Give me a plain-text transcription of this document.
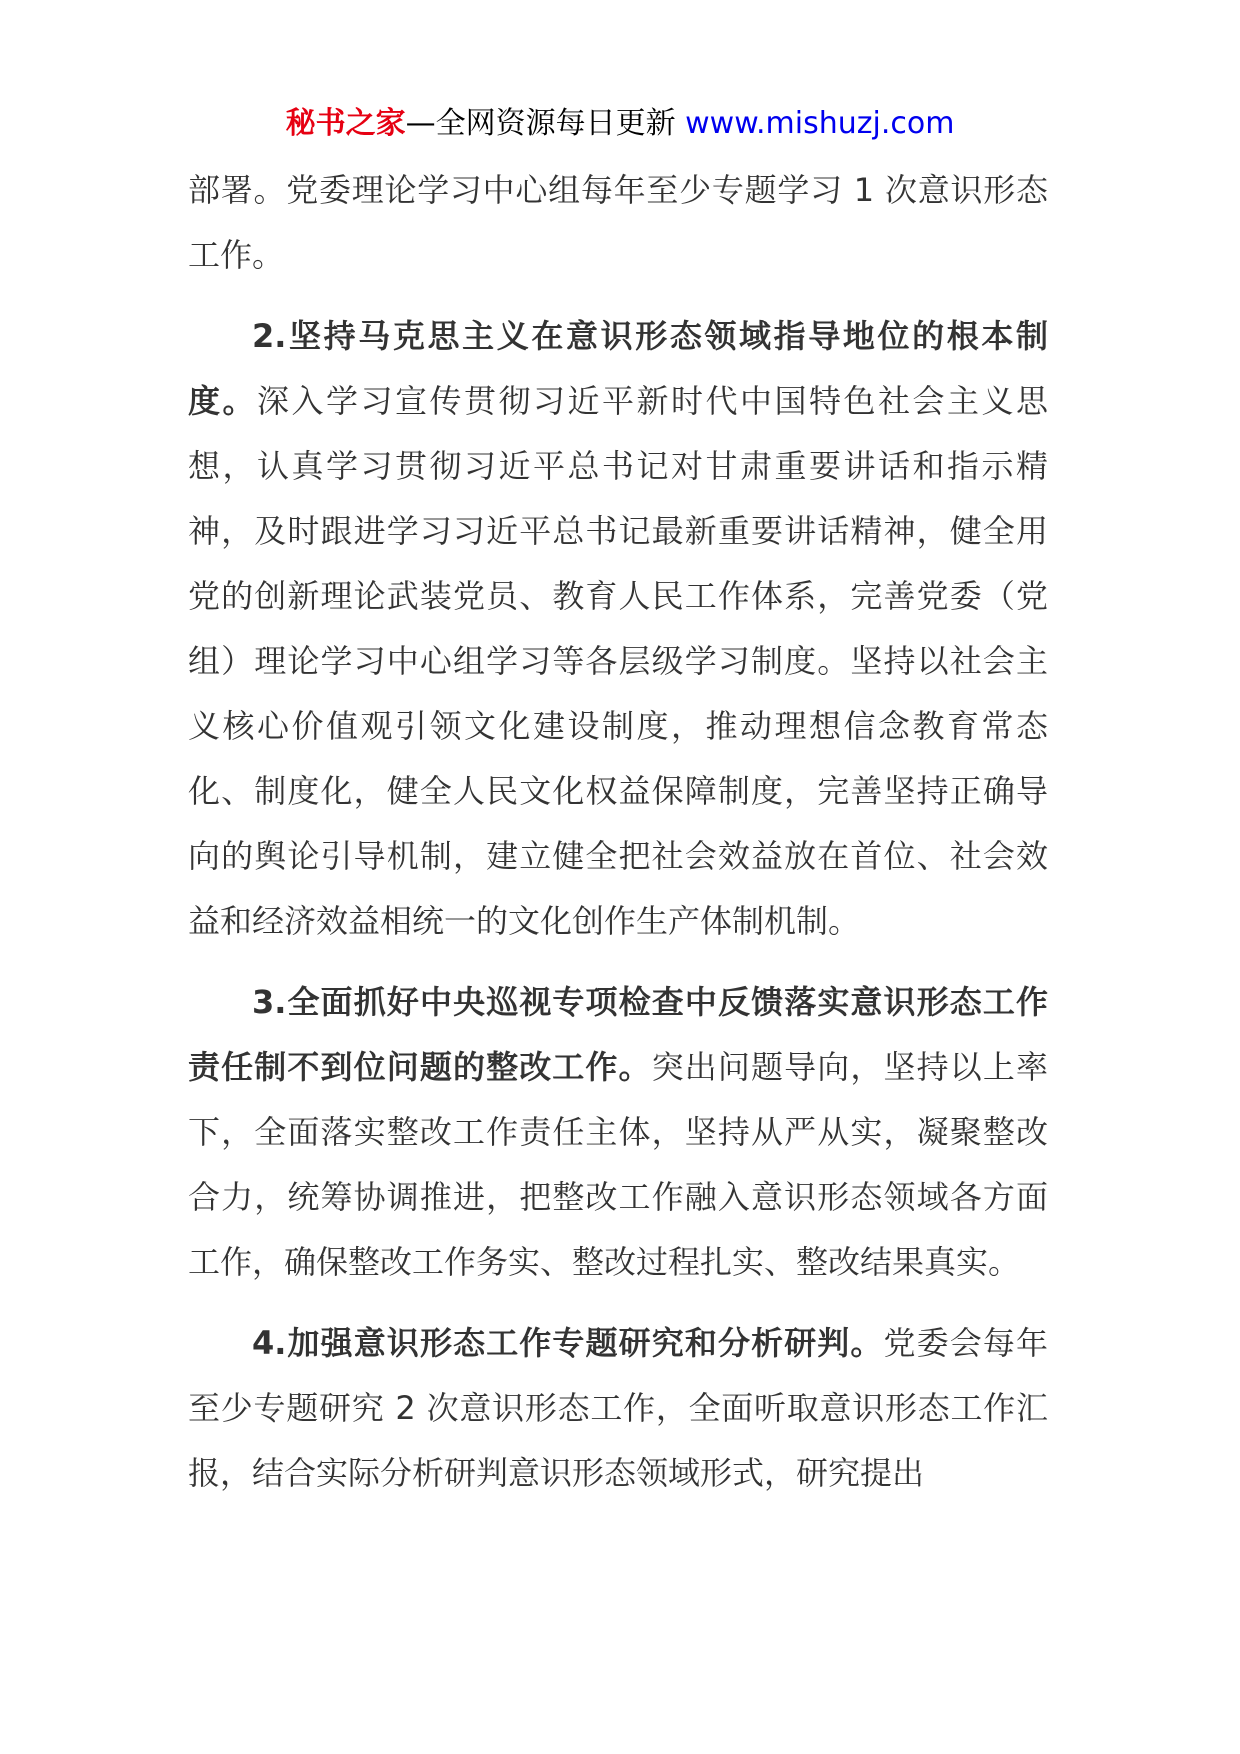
秘书之家—全网资源每日更新 www.mishuzj.com

部署。党委理论学习中心组每年至少专题学习 1 次意识形态工作。

2.坚持马克思主义在意识形态领域指导地位的根本制度。深入学习宣传贯彻习近平新时代中国特色社会主义思想，认真学习贯彻习近平总书记对甘肃重要讲话和指示精神，及时跟进学习习近平总书记最新重要讲话精神，健全用党的创新理论武装党员、教育人民工作体系，完善党委（党组）理论学习中心组学习等各层级学习制度。坚持以社会主义核心价值观引领文化建设制度，推动理想信念教育常态化、制度化，健全人民文化权益保障制度，完善坚持正确导向的舆论引导机制，建立健全把社会效益放在首位、社会效益和经济效益相统一的文化创作生产体制机制。

3.全面抓好中央巡视专项检查中反馈落实意识形态工作责任制不到位问题的整改工作。突出问题导向，坚持以上率下，全面落实整改工作责任主体，坚持从严从实，凝聚整改合力，统筹协调推进，把整改工作融入意识形态领域各方面工作，确保整改工作务实、整改过程扎实、整改结果真实。

4.加强意识形态工作专题研究和分析研判。党委会每年至少专题研究 2 次意识形态工作，全面听取意识形态工作汇报，结合实际分析研判意识形态领域形式，研究提出
